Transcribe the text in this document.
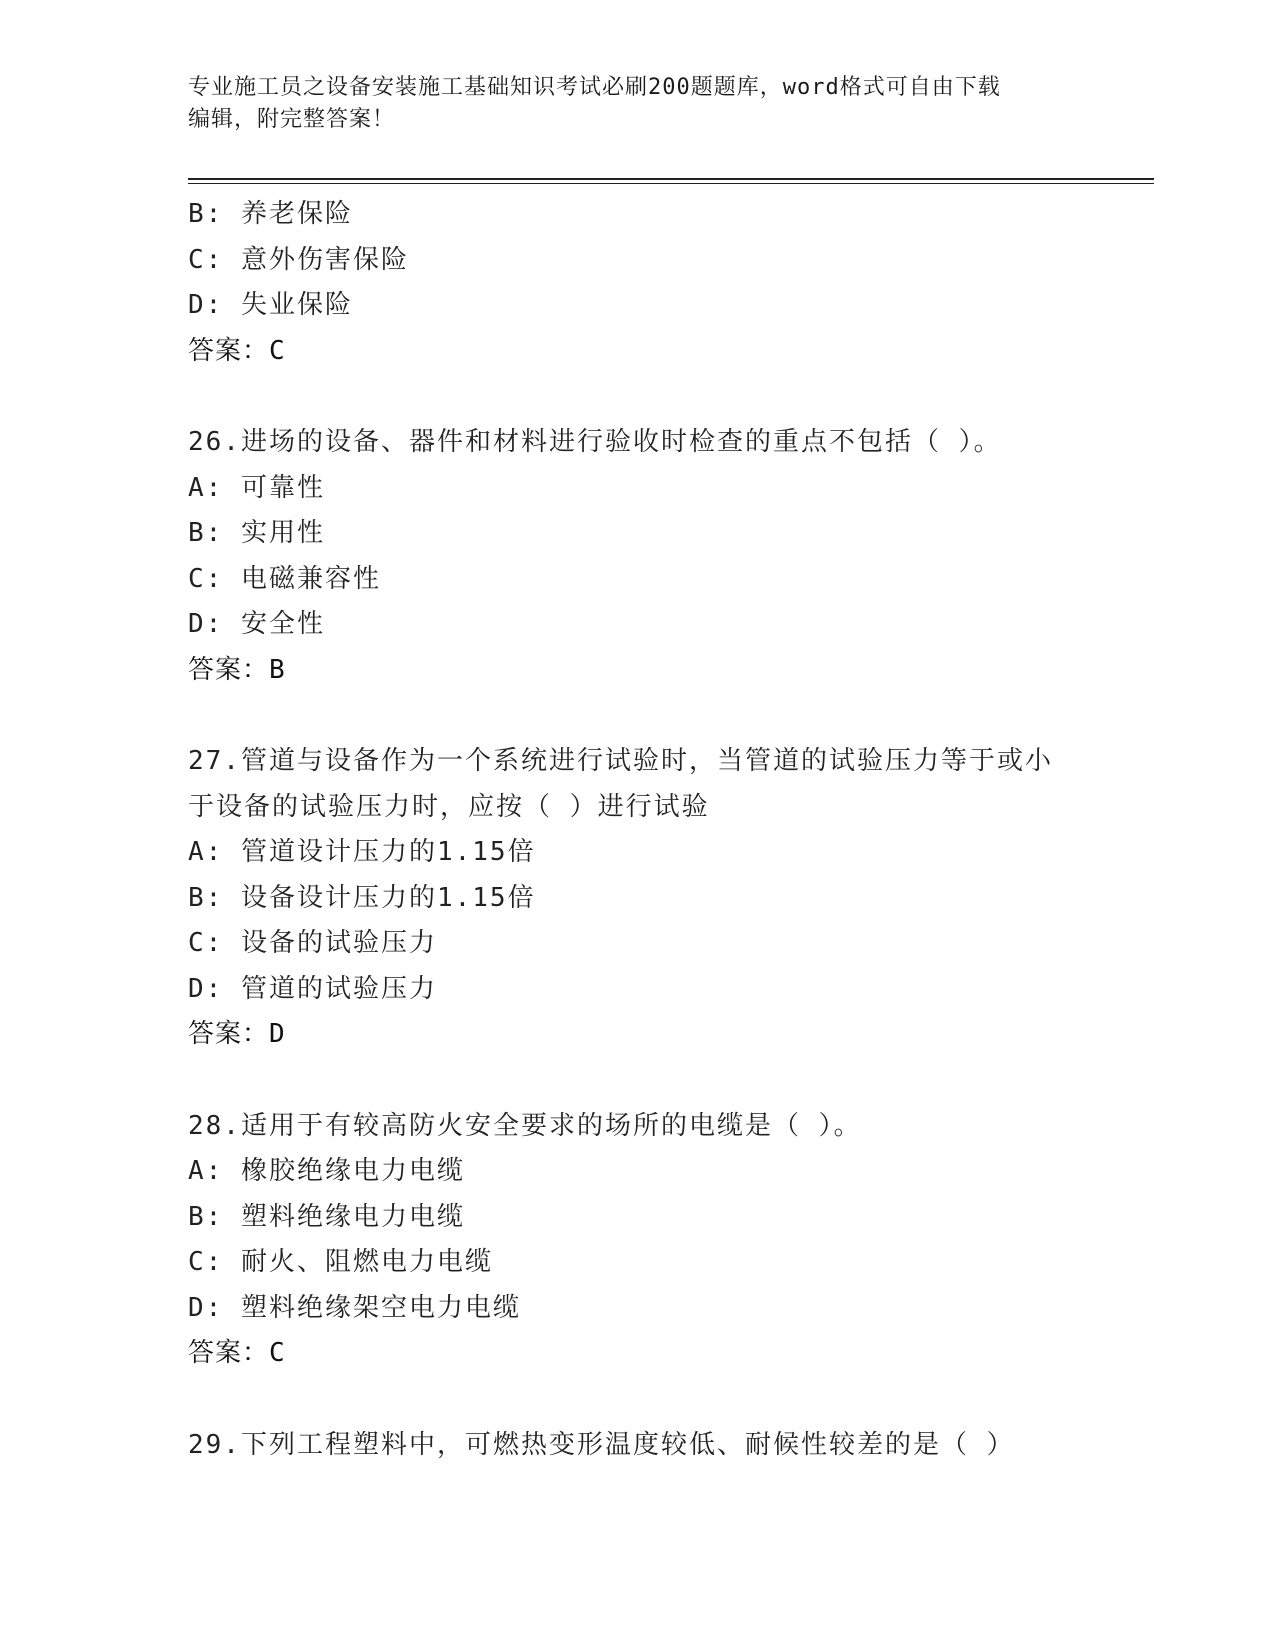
专业施工员之设备安装施工基础知识考试必刷200题题库，word格式可自由下载
编辑，附完整答案！
B: 养老保险
C: 意外伤害保险
D: 失业保险
答案：C
26.进场的设备、器件和材料进行验收时检查的重点不包括（ ）。
A: 可靠性
B: 实用性
C: 电磁兼容性
D: 安全性
答案：B
27.管道与设备作为一个系统进行试验时，当管道的试验压力等于或小
于设备的试验压力时，应按（ ）进行试验
A: 管道设计压力的1.15倍
B: 设备设计压力的1.15倍
C: 设备的试验压力
D: 管道的试验压力
答案：D
28.适用于有较高防火安全要求的场所的电缆是（ ）。
A: 橡胶绝缘电力电缆
B: 塑料绝缘电力电缆
C: 耐火、阻燃电力电缆
D: 塑料绝缘架空电力电缆
答案：C
29.下列工程塑料中，可燃热变形温度较低、耐候性较差的是（ ）
